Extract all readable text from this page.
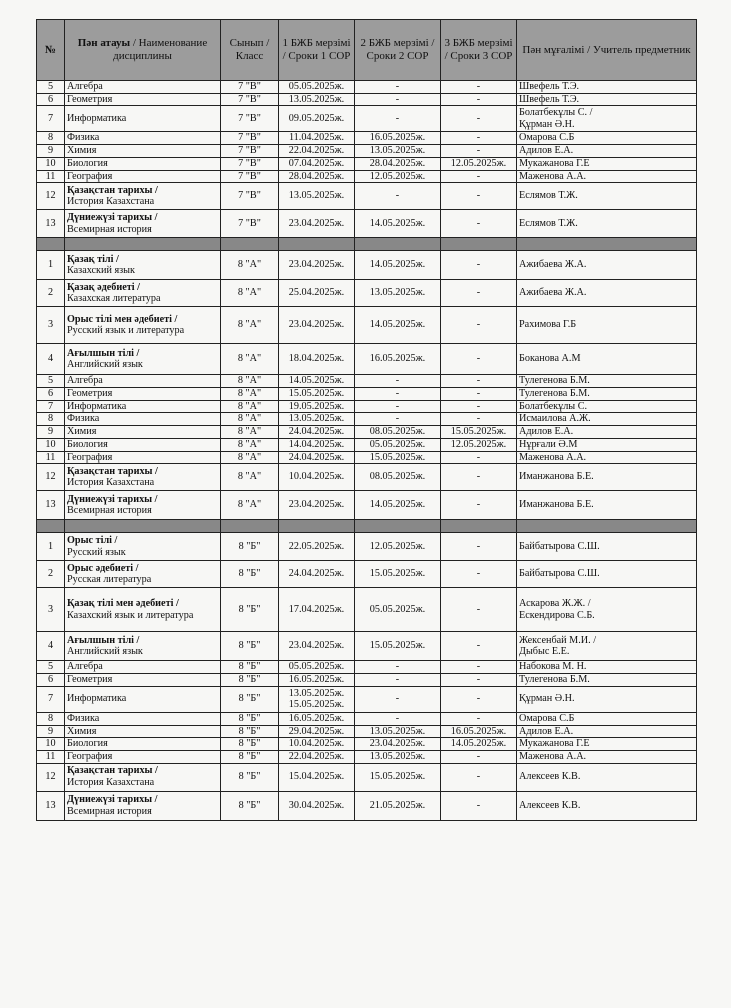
№	Пән атауы / Наименование дисциплины	Сынып / Класс	1 БЖБ мерзімі / Сроки 1 СОР	2 БЖБ мерзімі / Сроки 2 СОР	3 БЖБ мерзімі / Сроки 3 СОР	Пән мұғалімі / Учитель предметник
5	Алгебра	7 "В"	05.05.2025ж.	-	-	Швефель Т.Э.
6	Геометрия	7 "В"	13.05.2025ж.	-	-	Швефель Т.Э.
7	Информатика	7 "В"	09.05.2025ж.	-	-	Болатбекұлы С. /
Құрман Ә.Н.
8	Физика	7 "В"	11.04.2025ж.	16.05.2025ж.	-	Омарова С.Б
9	Химия	7 "В"	22.04.2025ж.	13.05.2025ж.	-	Адилов Е.А.
10	Биология	7 "В"	07.04.2025ж.	28.04.2025ж.	12.05.2025ж.	Мукажанова Г.Е
11	География	7 "В"	28.04.2025ж.	12.05.2025ж.	-	Маженова А.А.
12	Қазақстан тарихы /
История Казахстана	7 "В"	13.05.2025ж.	-	-	Еслямов Т.Ж.
13	Дүниежүзі тарихы /
Всемирная история	7 "В"	23.04.2025ж.	14.05.2025ж.	-	Еслямов Т.Ж.

1	Қазақ тілі /
Казахский язык	8 "А"	23.04.2025ж.	14.05.2025ж.	-	Ажибаева Ж.А.
2	Қазақ әдебиеті /
Казахская литература	8 "А"	25.04.2025ж.	13.05.2025ж.	-	Ажибаева Ж.А.
3	Орыс тілі мен әдебиеті /
Русский язык и литература	8 "А"	23.04.2025ж.	14.05.2025ж.	-	Рахимова Г.Б
4	Ағылшын тілі /
Английский язык	8 "А"	18.04.2025ж.	16.05.2025ж.	-	Боканова А.М
5	Алгебра	8 "А"	14.05.2025ж.	-	-	Тулегенова Б.М.
6	Геометрия	8 "А"	15.05.2025ж.	-	-	Тулегенова Б.М.
7	Информатика	8 "А"	19.05.2025ж.	-	-	Болатбекұлы С.
8	Физика	8 "А"	13.05.2025ж.	-	-	Исмаилова А.Ж.
9	Химия	8 "А"	24.04.2025ж.	08.05.2025ж.	15.05.2025ж.	Адилов Е.А.
10	Биология	8 "А"	14.04.2025ж.	05.05.2025ж.	12.05.2025ж.	Нұрғали Ә.М
11	География	8 "А"	24.04.2025ж.	15.05.2025ж.	-	Маженова А.А.
12	Қазақстан тарихы /
История Казахстана	8 "А"	10.04.2025ж.	08.05.2025ж.	-	Иманжанова Б.Е.
13	Дүниежүзі тарихы /
Всемирная история	8 "А"	23.04.2025ж.	14.05.2025ж.	-	Иманжанова Б.Е.

1	Орыс тілі /
Русский язык	8 "Б"	22.05.2025ж.	12.05.2025ж.	-	Байбатырова С.Ш.
2	Орыс әдебиеті /
Русская литература	8 "Б"	24.04.2025ж.	15.05.2025ж.	-	Байбатырова С.Ш.
3	Қазақ тілі мен әдебиеті /
Казахский язык и литература	8 "Б"	17.04.2025ж.	05.05.2025ж.	-	Аскарова Ж.Ж. /
Ескендирова С.Б.
4	Ағылшын тілі /
Английский язык	8 "Б"	23.04.2025ж.	15.05.2025ж.	-	Жексенбай М.И. /
Дыбыс Е.Е.
5	Алгебра	8 "Б"	05.05.2025ж.	-	-	Набокова М. Н.
6	Геометрия	8 "Б"	16.05.2025ж.	-	-	Тулегенова Б.М.
7	Информатика	8 "Б"	13.05.2025ж.
15.05.2025ж.	-	-	Құрман Ә.Н.
8	Физика	8 "Б"	16.05.2025ж.	-	-	Омарова С.Б
9	Химия	8 "Б"	29.04.2025ж.	13.05.2025ж.	16.05.2025ж.	Адилов Е.А.
10	Биология	8 "Б"	10.04.2025ж.	23.04.2025ж.	14.05.2025ж.	Мукажанова Г.Е
11	География	8 "Б"	22.04.2025ж.	13.05.2025ж.	-	Маженова А.А.
12	Қазақстан тарихы /
История Казахстана	8 "Б"	15.04.2025ж.	15.05.2025ж.	-	Алексеев К.В.
13	Дүниежүзі тарихы /
Всемирная история	8 "Б"	30.04.2025ж.	21.05.2025ж.	-	Алексеев К.В.
